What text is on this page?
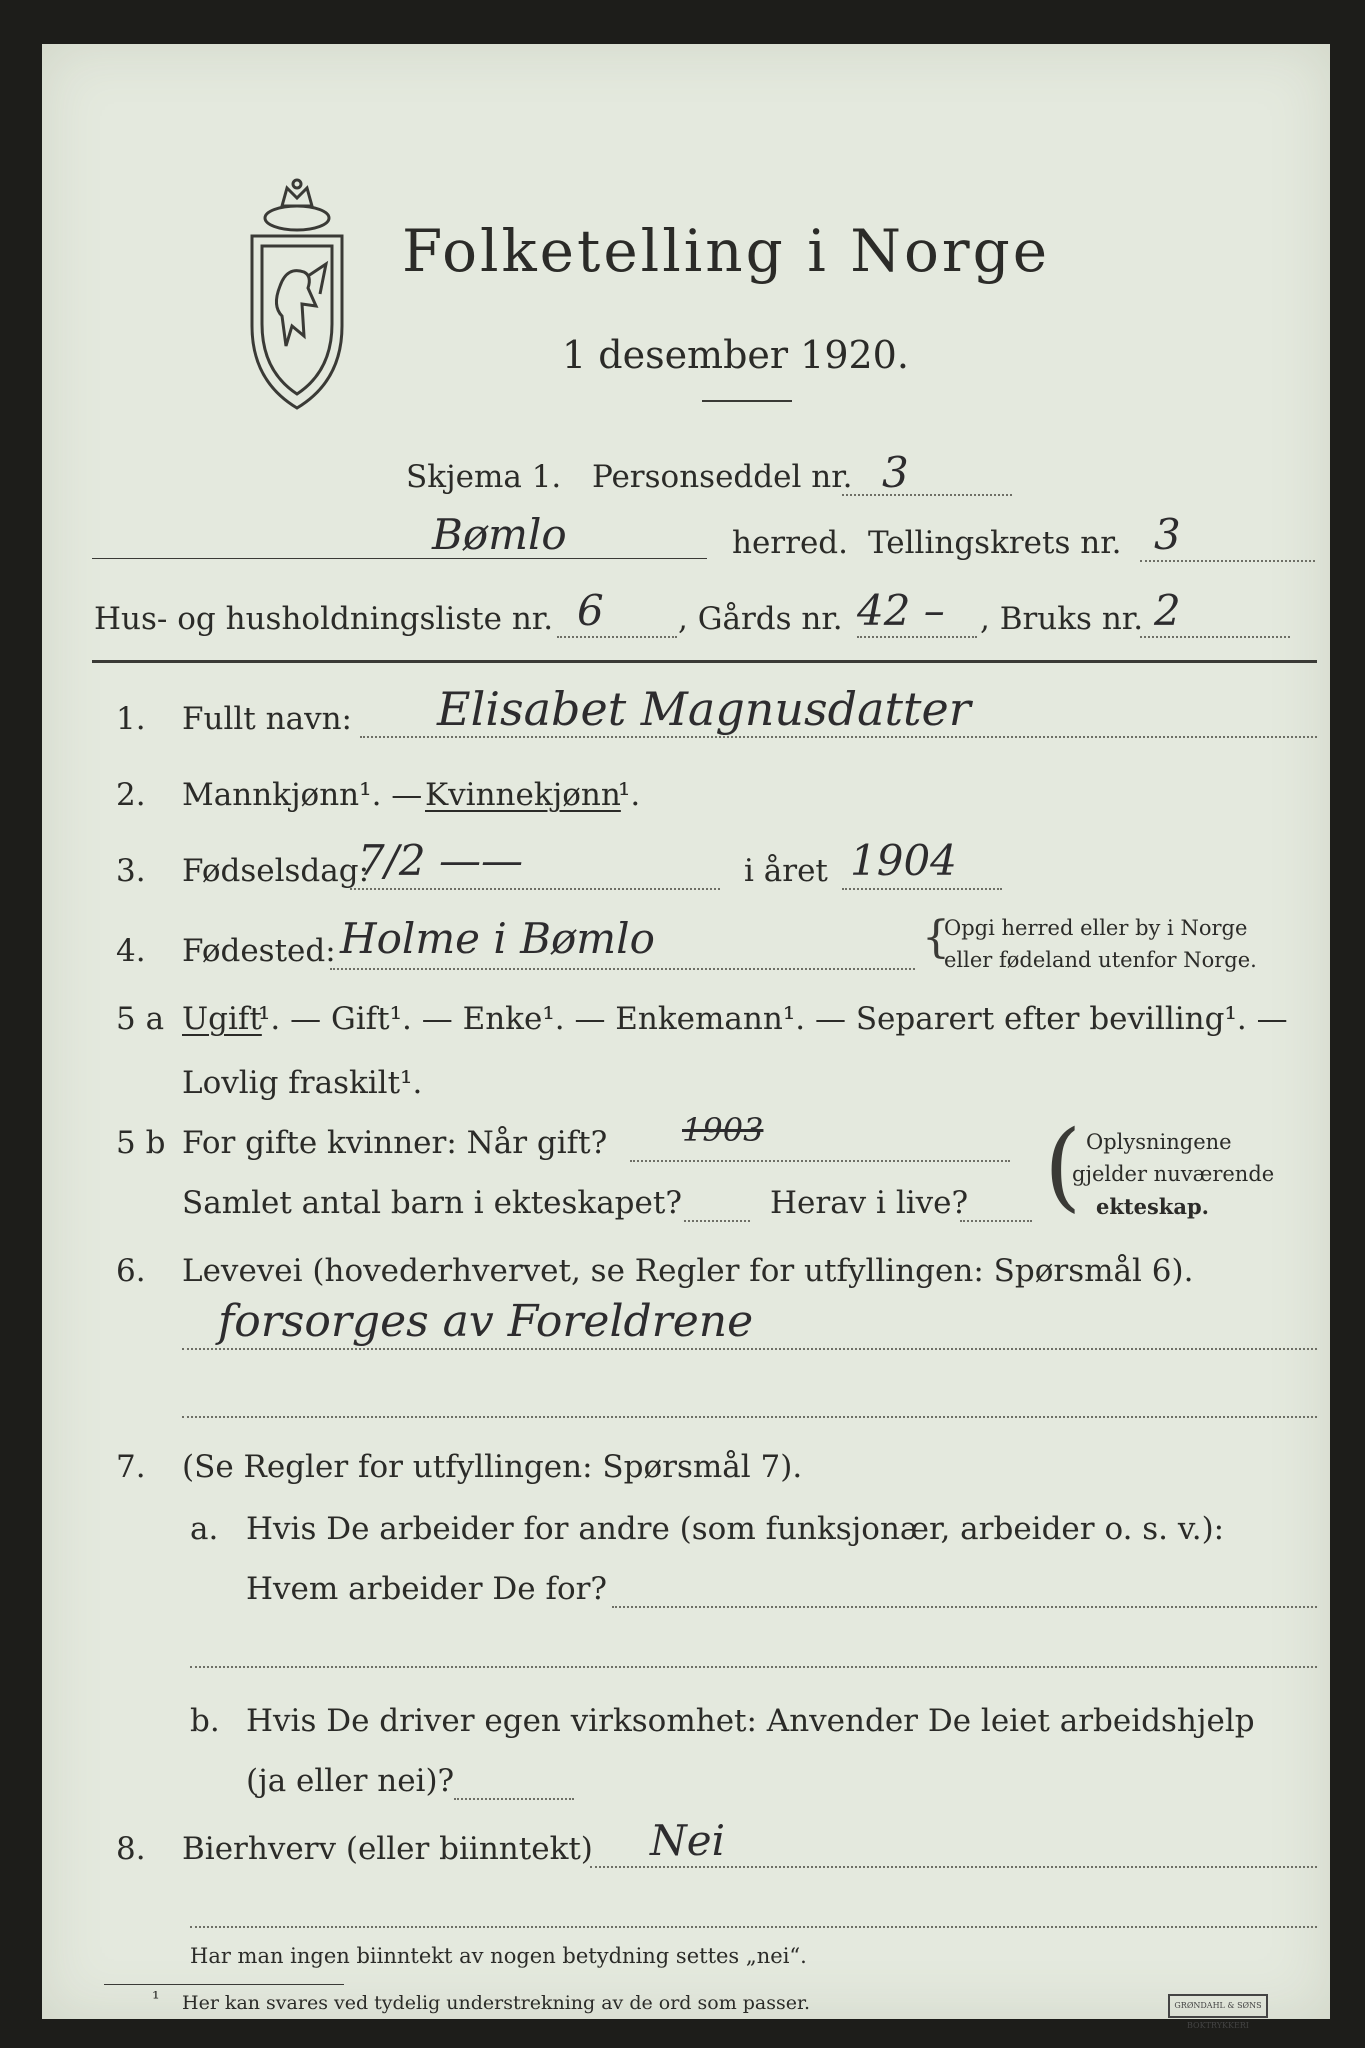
Folketelling i Norge
1 desember 1920.
Skjema 1. Personseddel nr. 3
Bømlo	herred. Tellingskrets nr. 3
Hus- og husholdningsliste nr. 6 , Gårds nr. 42 – , Bruks nr. 2
1. Fullt navn: Elisabet Magnusdatter
2. Mannkjønn¹. — Kvinnekjønn
¹.
3. Fødselsdag:
7/2 ——	i året 1904
4. Fødested: Holme i Bømlo	{
Opgi herred eller by i Norge
eller fødeland utenfor Norge.
5 a Ugift
¹. — Gift¹. — Enke¹. — Enkemann¹. — Separert efter bevilling¹. —
Lovlig fraskilt¹.
5 b For gifte kvinner: Når gift? 1903
Samlet antal barn i ekteskapet?	Herav i live? ( Oplysningene
gjelder nuværende
ekteskap.
6. Levevei (hovederhvervet, se Regler for utfyllingen: Spørsmål 6).
forsorges av Foreldrene
7. (Se Regler for utfyllingen: Spørsmål 7).
a. Hvis De arbeider for andre (som funksjonær, arbeider o. s. v.):
Hvem arbeider De for?
b. Hvis De driver egen virksomhet: Anvender De leiet arbeidshjelp
(ja eller nei)?
8. Bierhverv (eller biinntekt) Nei
Har man ingen biinntekt av nogen betydning settes „nei“.
¹ Her kan svares ved tydelig understrekning av de ord som passer.	GRØNDAHL & SØNS BOKTRYKKERI
